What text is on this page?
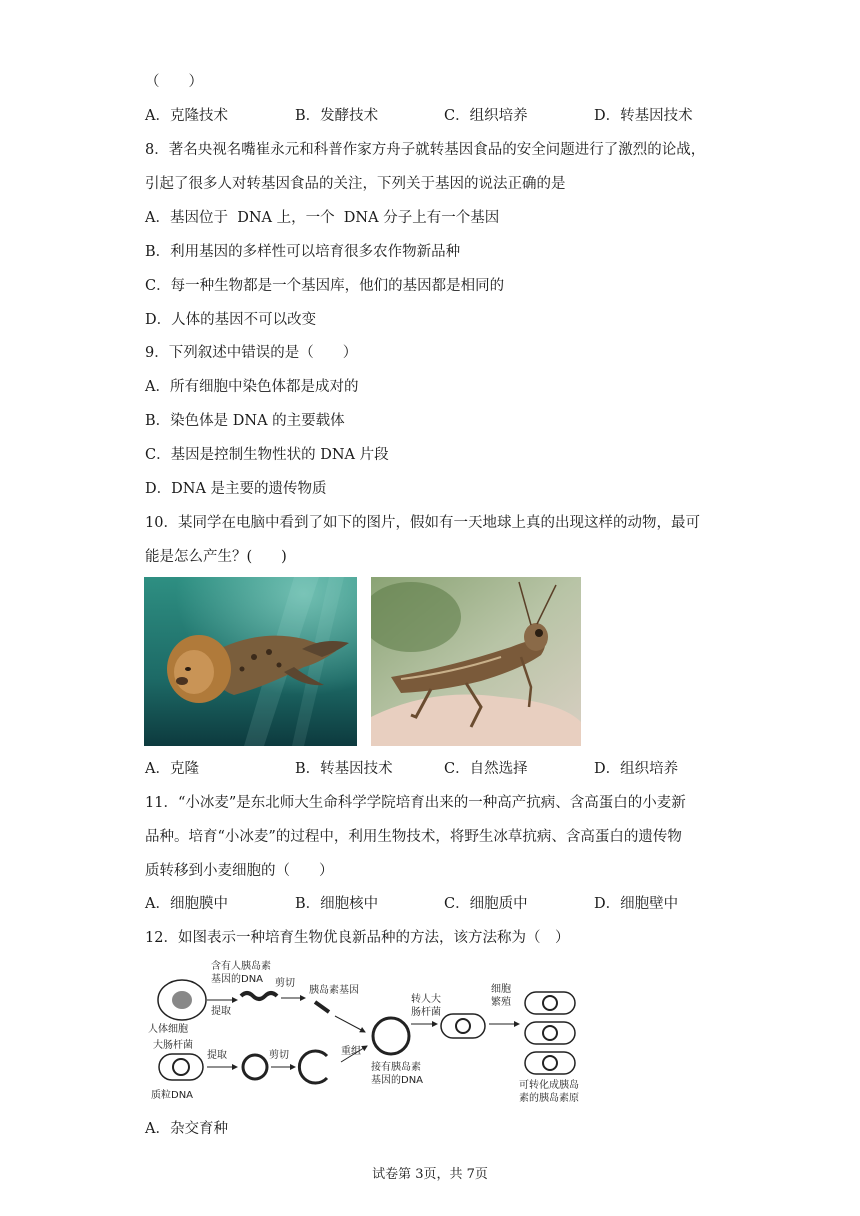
（　　）
A．克隆技术	B．发酵技术	C．组织培养	D．转基因技术
8．著名央视名嘴崔永元和科普作家方舟子就转基因食品的安全问题进行了激烈的论战，
引起了很多人对转基因食品的关注，下列关于基因的说法正确的是
A．基因位于  DNA 上，一个  DNA 分子上有一个基因
B．利用基因的多样性可以培育很多农作物新品种
C．每一种生物都是一个基因库，他们的基因都是相同的
D．人体的基因不可以改变
9．下列叙述中错误的是（　　）
A．所有细胞中染色体都是成对的
B．染色体是 DNA 的主要载体
C．基因是控制生物性状的 DNA 片段
D．DNA 是主要的遗传物质
10．某同学在电脑中看到了如下的图片，假如有一天地球上真的出现这样的动物，最可
能是怎么产生？(　　)
A．克隆	B．转基因技术	C．自然选择	D．组织培养
11．“小冰麦”是东北师大生命科学学院培育出来的一种高产抗病、含高蛋白的小麦新
品种。培育“小冰麦”的过程中，利用生物技术，将野生冰草抗病、含高蛋白的遗传物
质转移到小麦细胞的（　　）
A．细胞膜中	B．细胞核中	C．细胞质中	D．细胞壁中
12．如图表示一种培育生物优良新品种的方法，该方法称为（　）
人体细胞
含有人胰岛素
基因的DNA
提取
剪切
胰岛素基因
重组
大肠杆菌
质粒DNA
提取	剪切
接有胰岛素
基因的DNA
转人大
肠杆菌
细胞
繁殖
可转化成胰岛
素的胰岛素原
A．杂交育种
试卷第 3页，共 7页
